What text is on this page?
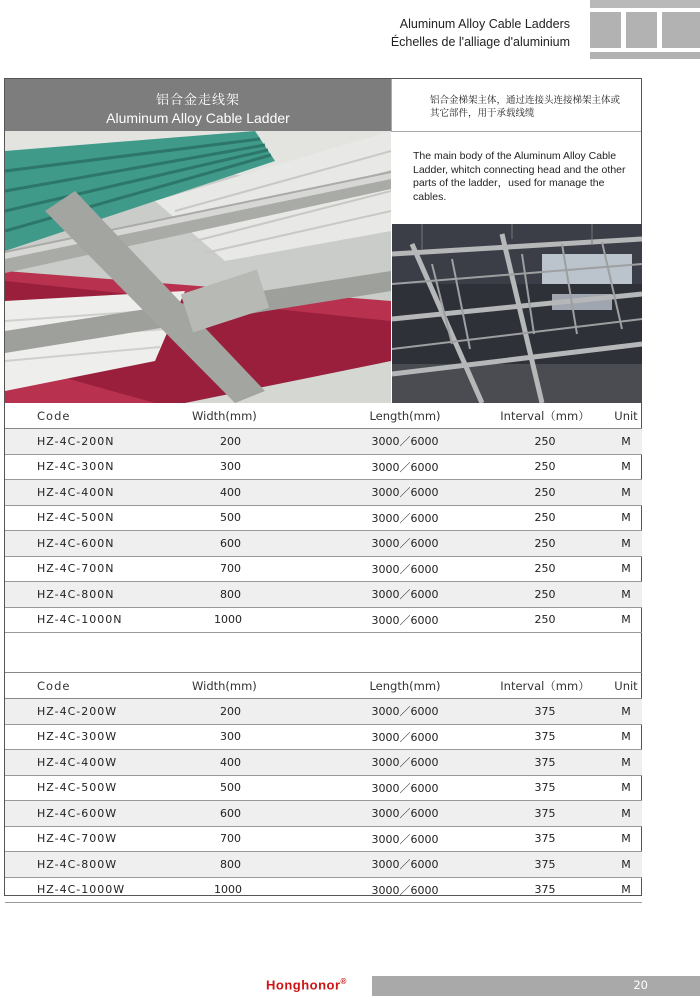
Aluminum Alloy Cable Ladders
Échelles de l'alliage d'aluminium
铝合金走线架
Aluminum Alloy Cable Ladder
铝合金梯架主体，通过连接头连接梯架主体或其它部件，用于承载线缆
The main body of the Aluminum Alloy Cable Ladder, whitch connecting head and the other parts of the ladder，used for manage the cables.
Code	Width(mm)	Length(mm)	Interval（mm）	Unit
HZ-4C-200N	200	3000／6000	250	M
HZ-4C-300N	300	3000／6000	250	M
HZ-4C-400N	400	3000／6000	250	M
HZ-4C-500N	500	3000／6000	250	M
HZ-4C-600N	600	3000／6000	250	M
HZ-4C-700N	700	3000／6000	250	M
HZ-4C-800N	800	3000／6000	250	M
HZ-4C-1000N	1000	3000／6000	250	M
Code	Width(mm)	Length(mm)	Interval（mm）	Unit
HZ-4C-200W	200	3000／6000	375	M
HZ-4C-300W	300	3000／6000	375	M
HZ-4C-400W	400	3000／6000	375	M
HZ-4C-500W	500	3000／6000	375	M
HZ-4C-600W	600	3000／6000	375	M
HZ-4C-700W	700	3000／6000	375	M
HZ-4C-800W	800	3000／6000	375	M
HZ-4C-1000W	1000	3000／6000	375	M
Honghonor®	20
